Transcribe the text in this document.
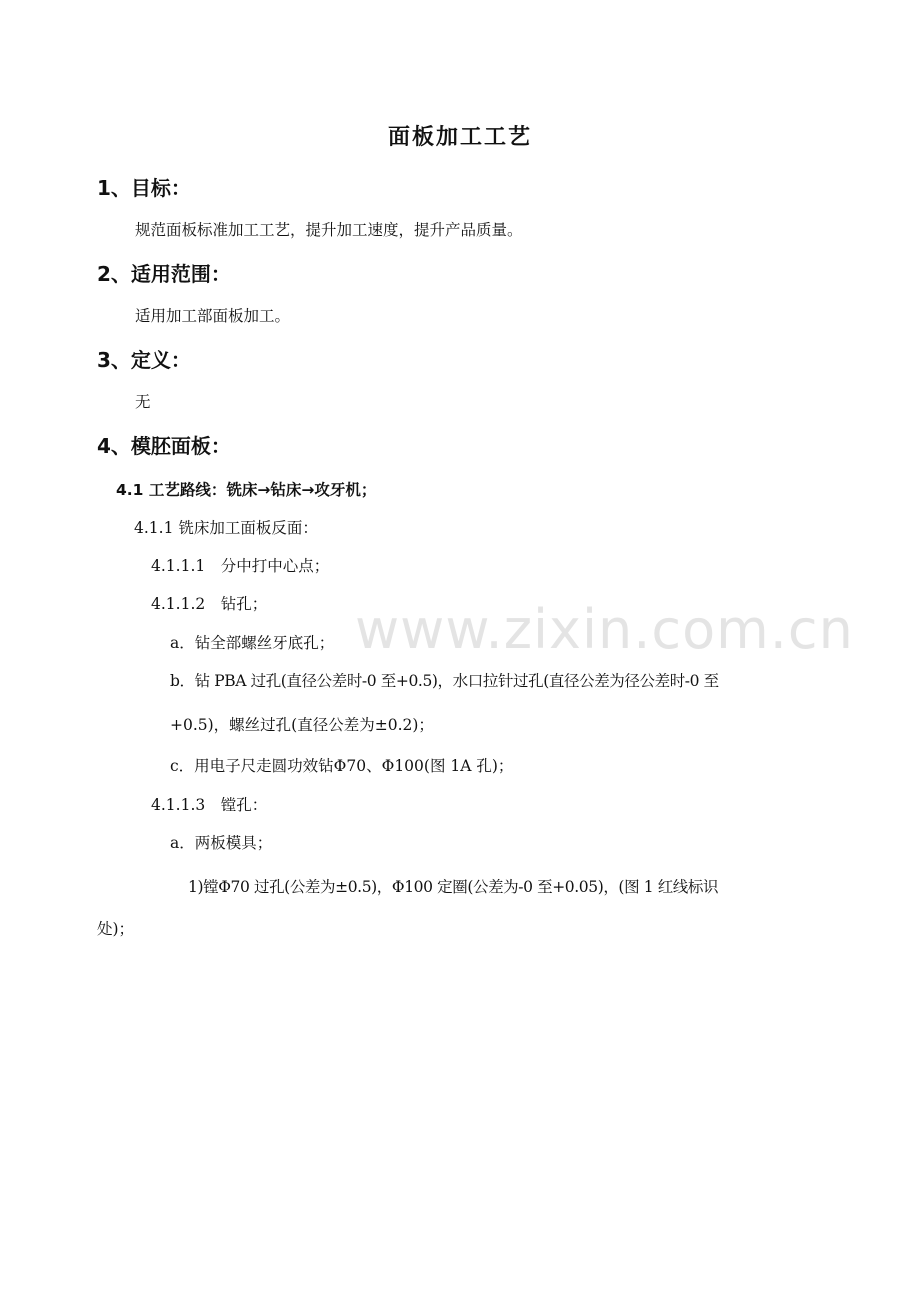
面板加工工艺
1、目标：
规范面板标准加工工艺，提升加工速度，提升产品质量。
2、适用范围：
适用加工部面板加工。
3、定义：
无
4、模胚面板：
4.1 工艺路线：铣床→钻床→攻牙机；
4.1.1 铣床加工面板反面：
4.1.1.1　分中打中心点；
4.1.1.2　钻孔；
a．钻全部螺丝牙底孔；
b．钻 PBA 过孔(直径公差时-0 至+0.5)，水口拉针过孔(直径公差为径公差时-0 至
+0.5)，螺丝过孔(直径公差为±0.2)；
c．用电子尺走圆功效钻Φ70、Φ100(图 1A 孔)；
4.1.1.3　镗孔：
a．两板模具；
1)镗Φ70 过孔(公差为±0.5)，Φ100 定圈(公差为-0 至+0.05)，(图 1 红线标识
处)；
www.zixin.com.cn
